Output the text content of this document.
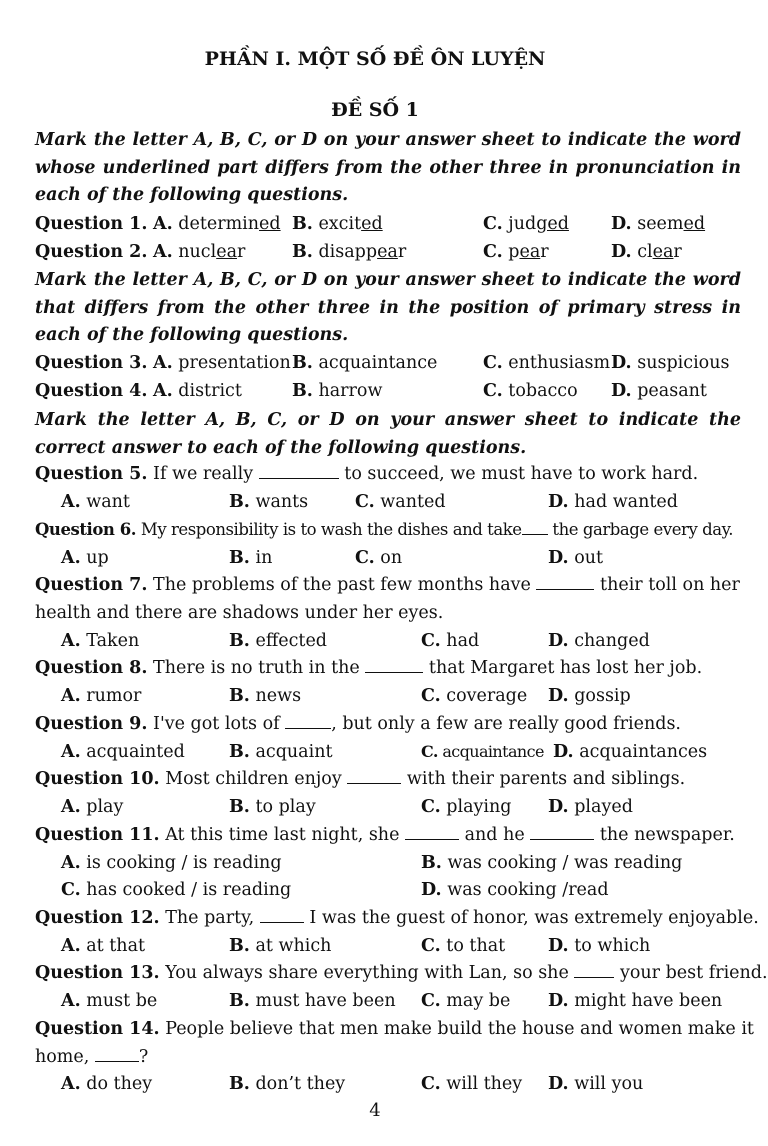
PHẦN I. MỘT SỐ ĐỀ ÔN LUYỆN
ĐỀ SỐ 1
Mark the letter A, B, C, or D on your answer sheet to indicate the word whose underlined part differs from the other three in pronunciation in each of the following questions.
Question 1. A. determined B. excited	C. judged D. seemed
Question 2. A. nuclear	B. disappear	C. pear	D. clear
Mark the letter A, B, C, or D on your answer sheet to indicate the word that differs from the other three in the position of primary stress in each of the following questions.
Question 3. A. presentation B. acquaintance	C. enthusiasm D. suspicious
Question 4. A. district	B. harrow	C. tobacco D. peasant
Mark the letter A, B, C, or D on your answer sheet to indicate the correct answer to each of the following questions.
Question 5. If we really	to succeed, we must have to work hard.
A. want	B. wants	C. wanted	D. had wanted
Question 6. My responsibility is to wash the dishes and take the garbage every day.
A. up	B. in	C. on	D. out
Question 7. The problems of the past few months have	their toll on her
health and there are shadows under her eyes.
A. Taken	B. effected	C. had	D. changed
Question 8. There is no truth in the	that Margaret has lost her job.
A. rumor	B. news	C. coverage D. gossip
Question 9. I've got lots of	, but only a few are really good friends.
A. acquainted	B. acquaint	C. acquaintance D. acquaintances
Question 10. Most children enjoy	with their parents and siblings.
A. play	B. to play	C. playing D. played
Question 11. At this time last night, she	and he	the newspaper.
A. is cooking / is reading	B. was cooking / was reading
C. has cooked / is reading	D. was cooking /read
Question 12. The party,	I was the guest of honor, was extremely enjoyable.
A. at that	B. at which	C. to that D. to which
Question 13. You always share everything with Lan, so she	your best friend.
A. must be	B. must have been C. may be D. might have been
Question 14. People believe that men make build the house and women make it
home,	?
A. do they	B. don’t they	C. will they D. will you
4
